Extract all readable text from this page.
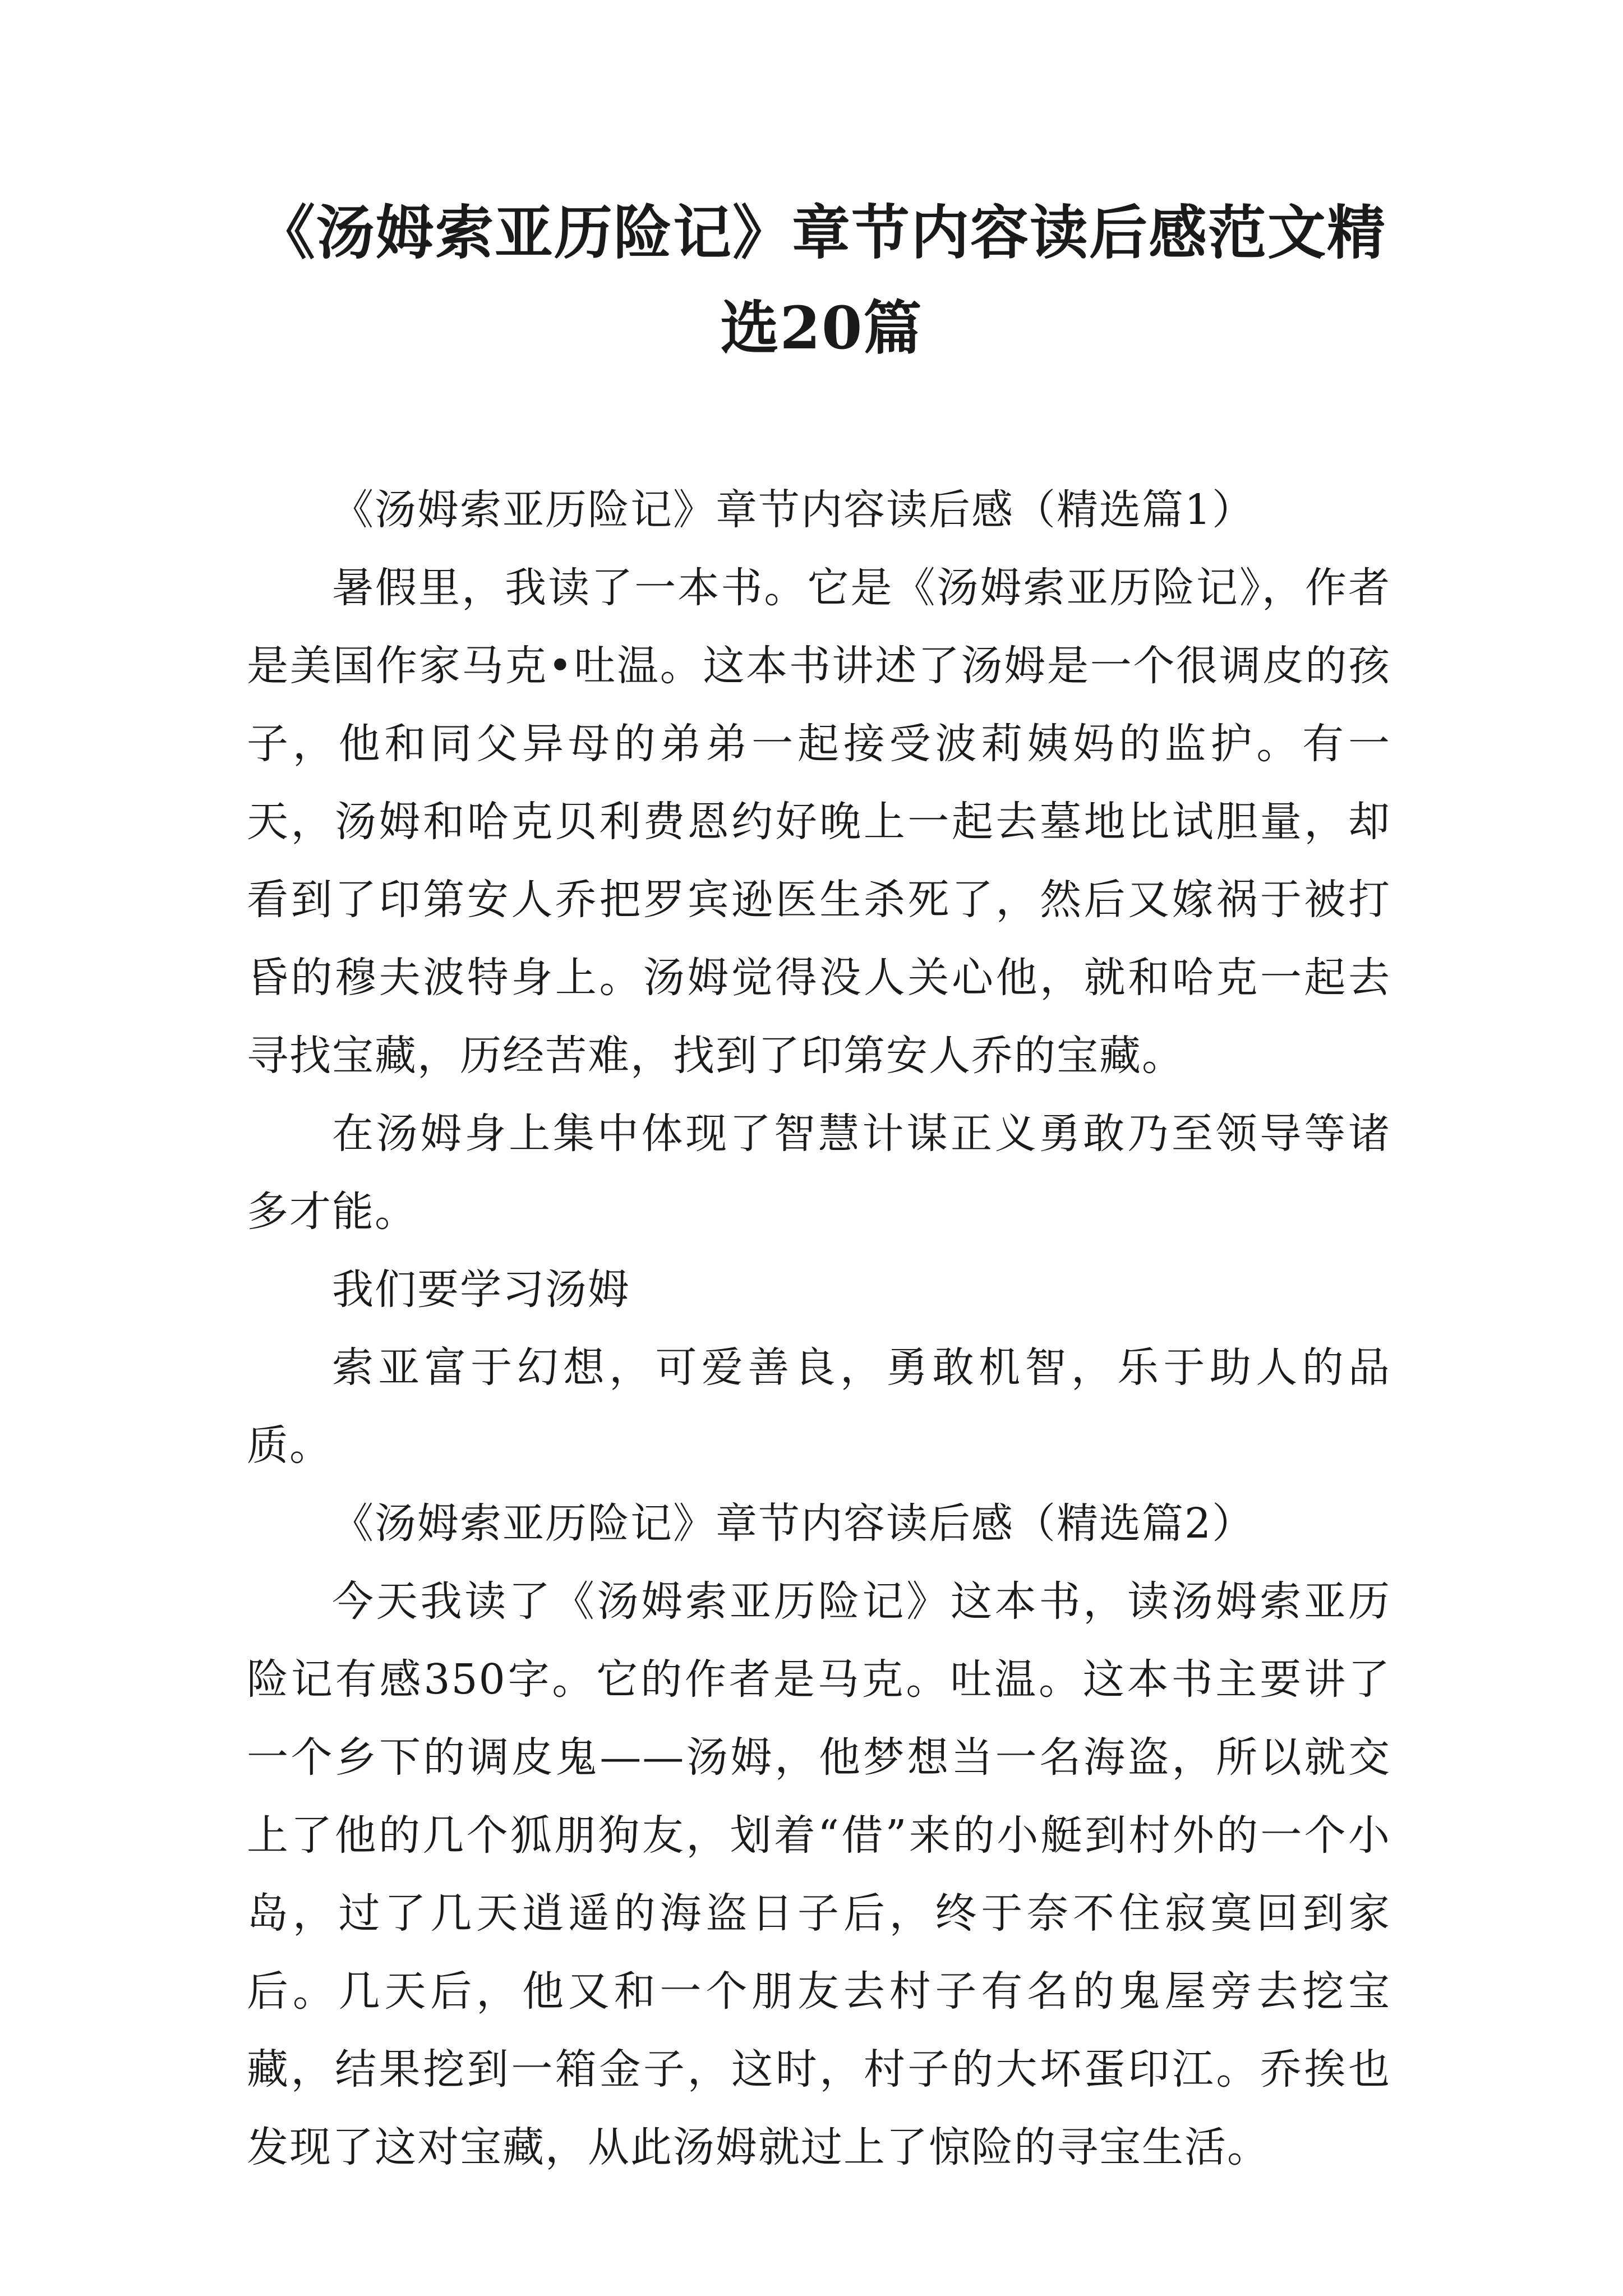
《汤姆索亚历险记》章节内容读后感范文精选20篇

《汤姆索亚历险记》章节内容读后感（精选篇1）

暑假里，我读了一本书。它是《汤姆索亚历险记》，作者是美国作家马克•吐温。这本书讲述了汤姆是一个很调皮的孩子，他和同父异母的弟弟一起接受波莉姨妈的监护。有一天，汤姆和哈克贝利费恩约好晚上一起去墓地比试胆量，却看到了印第安人乔把罗宾逊医生杀死了，然后又嫁祸于被打昏的穆夫波特身上。汤姆觉得没人关心他，就和哈克一起去寻找宝藏，历经苦难，找到了印第安人乔的宝藏。

在汤姆身上集中体现了智慧计谋正义勇敢乃至领导等诸多才能。

我们要学习汤姆

索亚富于幻想，可爱善良，勇敢机智，乐于助人的品质。

《汤姆索亚历险记》章节内容读后感（精选篇2）

今天我读了《汤姆索亚历险记》这本书，读汤姆索亚历险记有感350字。它的作者是马克。吐温。这本书主要讲了一个乡下的调皮鬼——汤姆，他梦想当一名海盗，所以就交上了他的几个狐朋狗友，划着“借”来的小艇到村外的一个小岛，过了几天逍遥的海盗日子后，终于奈不住寂寞回到家后。几天后，他又和一个朋友去村子有名的鬼屋旁去挖宝藏，结果挖到一箱金子，这时，村子的大坏蛋印江。乔挨也发现了这对宝藏，从此汤姆就过上了惊险的寻宝生活。
